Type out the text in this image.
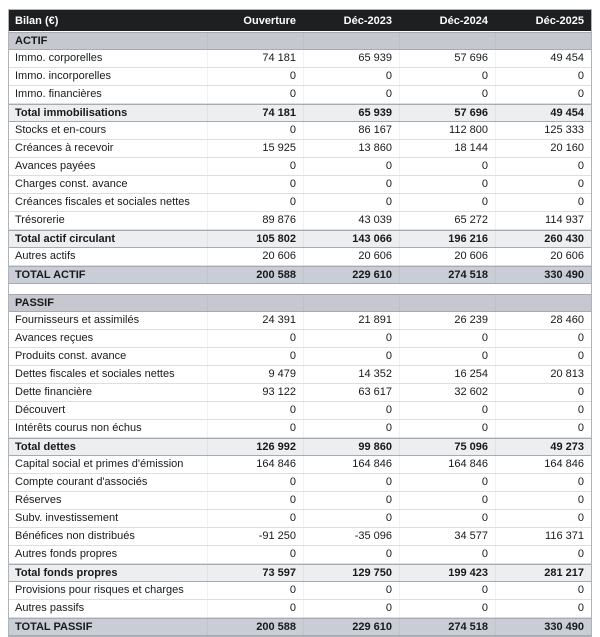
Bilan (€)	Ouverture	Déc-2023	Déc-2024	Déc-2025
ACTIF
Immo. corporelles	74 181	65 939	57 696	49 454
Immo. incorporelles	0	0	0	0
Immo. financières	0	0	0	0
Total immobilisations	74 181	65 939	57 696	49 454
Stocks et en-cours	0	86 167	112 800	125 333
Créances à recevoir	15 925	13 860	18 144	20 160
Avances payées	0	0	0	0
Charges const. avance	0	0	0	0
Créances fiscales et sociales nettes	0	0	0	0
Trésorerie	89 876	43 039	65 272	114 937
Total actif circulant	105 802	143 066	196 216	260 430
Autres actifs	20 606	20 606	20 606	20 606
TOTAL ACTIF	200 588	229 610	274 518	330 490
PASSIF
Fournisseurs et assimilés	24 391	21 891	26 239	28 460
Avances reçues	0	0	0	0
Produits const. avance	0	0	0	0
Dettes fiscales et sociales nettes	9 479	14 352	16 254	20 813
Dette financière	93 122	63 617	32 602	0
Découvert	0	0	0	0
Intérêts courus non échus	0	0	0	0
Total dettes	126 992	99 860	75 096	49 273
Capital social et primes d'émission	164 846	164 846	164 846	164 846
Compte courant d'associés	0	0	0	0
Réserves	0	0	0	0
Subv. investissement	0	0	0	0
Bénéfices non distribués	-91 250	-35 096	34 577	116 371
Autres fonds propres	0	0	0	0
Total fonds propres	73 597	129 750	199 423	281 217
Provisions pour risques et charges	0	0	0	0
Autres passifs	0	0	0	0
TOTAL PASSIF	200 588	229 610	274 518	330 490
